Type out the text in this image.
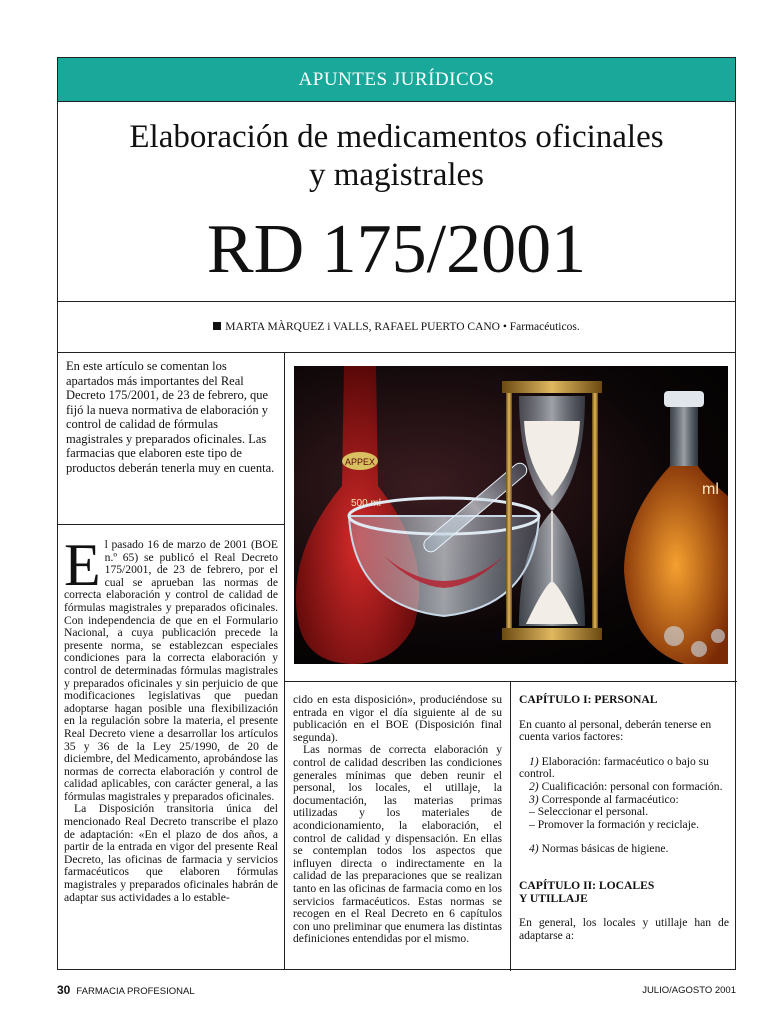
APUNTES JURÍDICOS
Elaboración de medicamentos oficinales
y magistrales
RD 175/2001
MARTA MÀRQUEZ i VALLS, RAFAEL PUERTO CANO • Farmacéuticos.
En este artículo se comentan los apartados más importantes del Real Decreto 175/2001, de 23 de febrero, que fijó la nueva normativa de elaboración y control de calidad de fórmulas magistrales y preparados oficinales. Las farmacias que elaboren este tipo de productos deberán tenerla muy en cuenta.

El pasado 16 de marzo de 2001 (BOE n.º 65) se publicó el Real Decreto 175/2001, de 23 de febrero, por el cual se aprueban las normas de correcta elaboración y control de calidad de fórmulas magistrales y preparados oficinales. Con independencia de que en el Formulario Nacional, a cuya publicación precede la presente norma, se establezcan especiales condiciones para la correcta elaboración y control de determinadas fórmulas magistrales y preparados oficinales y sin perjuicio de que modificaciones legislativas que puedan adoptarse hagan posible una flexibilización en la regulación sobre la materia, el presente Real Decreto viene a desarrollar los artículos 35 y 36 de la Ley 25/1990, de 20 de diciembre, del Medicamento, aprobándose las normas de correcta elaboración y control de calidad aplicables, con carácter general, a las fórmulas magistrales y preparados oficinales.

La Disposición transitoria única del mencionado Real Decreto transcribe el plazo de adaptación: «En el plazo de dos años, a partir de la entrada en vigor del presente Real Decreto, las oficinas de farmacia y servicios farmacéuticos que elaboren fórmulas magistrales y preparados oficinales habrán de adaptar sus actividades a lo estable-

APPEX
500 ml
ml

cido en esta disposición», produciéndose su entrada en vigor el día siguiente al de su publicación en el BOE (Disposición final segunda).

Las normas de correcta elaboración y control de calidad describen las condiciones generales mínimas que deben reunir el personal, los locales, el utillaje, la documentación, las materias primas utilizadas y los materiales de acondicionamiento, la elaboración, el control de calidad y dispensación. En ellas se contemplan todos los aspectos que influyen directa o indirectamente en la calidad de las preparaciones que se realizan tanto en las oficinas de farmacia como en los servicios farmacéuticos. Estas normas se recogen en el Real Decreto en 6 capítulos con uno preliminar que enumera las distintas definiciones entendidas por el mismo.

CAPÍTULO I: PERSONAL

En cuanto al personal, deberán tenerse en cuenta varios factores:

1) Elaboración: farmacéutico o bajo su control.

2) Cualificación: personal con formación.

3) Corresponde al farmacéutico:

– Seleccionar el personal.

– Promover la formación y reciclaje.

4) Normas básicas de higiene.

CAPÍTULO II: LOCALES

Y UTILLAJE

En general, los locales y utillaje han de adaptarse a:

30 FARMACIA PROFESIONAL	JULIO/AGOSTO 2001
